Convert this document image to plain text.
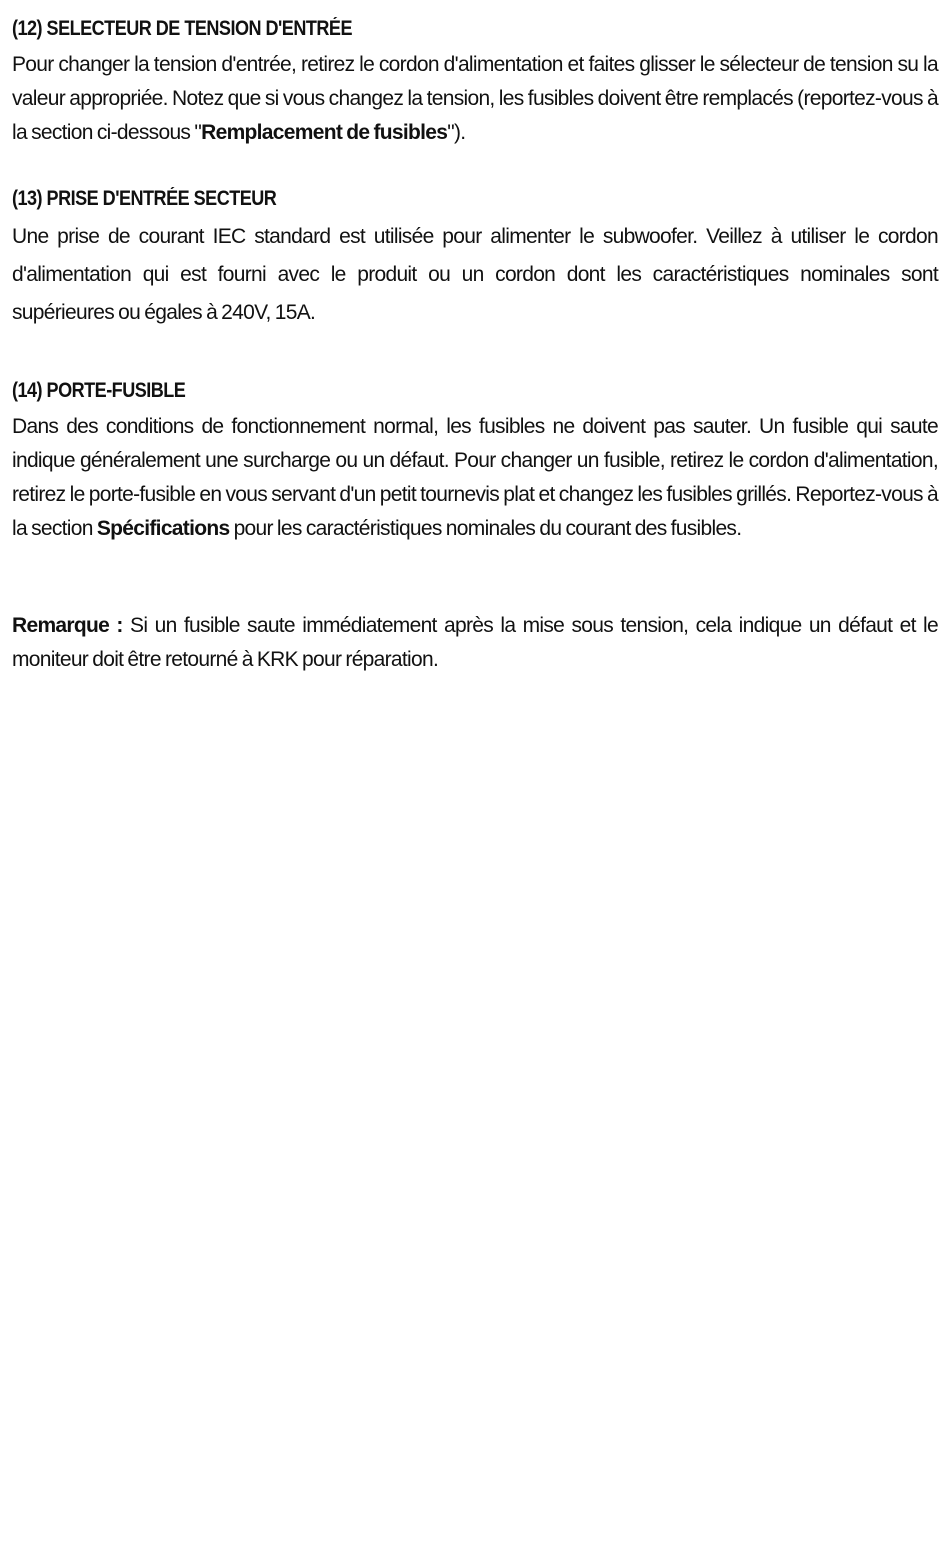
(12) SELECTEUR DE TENSION D'ENTRÉE

Pour changer la tension d'entrée, retirez le cordon d'alimentation et faites glisser le sélecteur de tension su la valeur appropriée. Notez que si vous changez la tension, les fusibles doivent être remplacés (reportez-vous à la section ci-dessous "Remplacement de fusibles").

(13) PRISE D'ENTRÉE SECTEUR

Une prise de courant IEC standard est utilisée pour alimenter le subwoofer. Veillez à utiliser le cordon d'alimentation qui est fourni avec le produit ou un cordon dont les caractéristiques nominales sont supérieures ou égales à 240V, 15A.

(14) PORTE-FUSIBLE

Dans des conditions de fonctionnement normal, les fusibles ne doivent pas sauter. Un fusible qui saute indique généralement une surcharge ou un défaut. Pour changer un fusible, retirez le cordon d'alimentation, retirez le porte-fusible en vous servant d'un petit tournevis plat et changez les fusibles grillés. Reportez-vous à la section Spécifications pour les caractéristiques nominales du courant des fusibles.

Remarque : Si un fusible saute immédiatement après la mise sous tension, cela indique un défaut et le moniteur doit être retourné à KRK pour réparation.
